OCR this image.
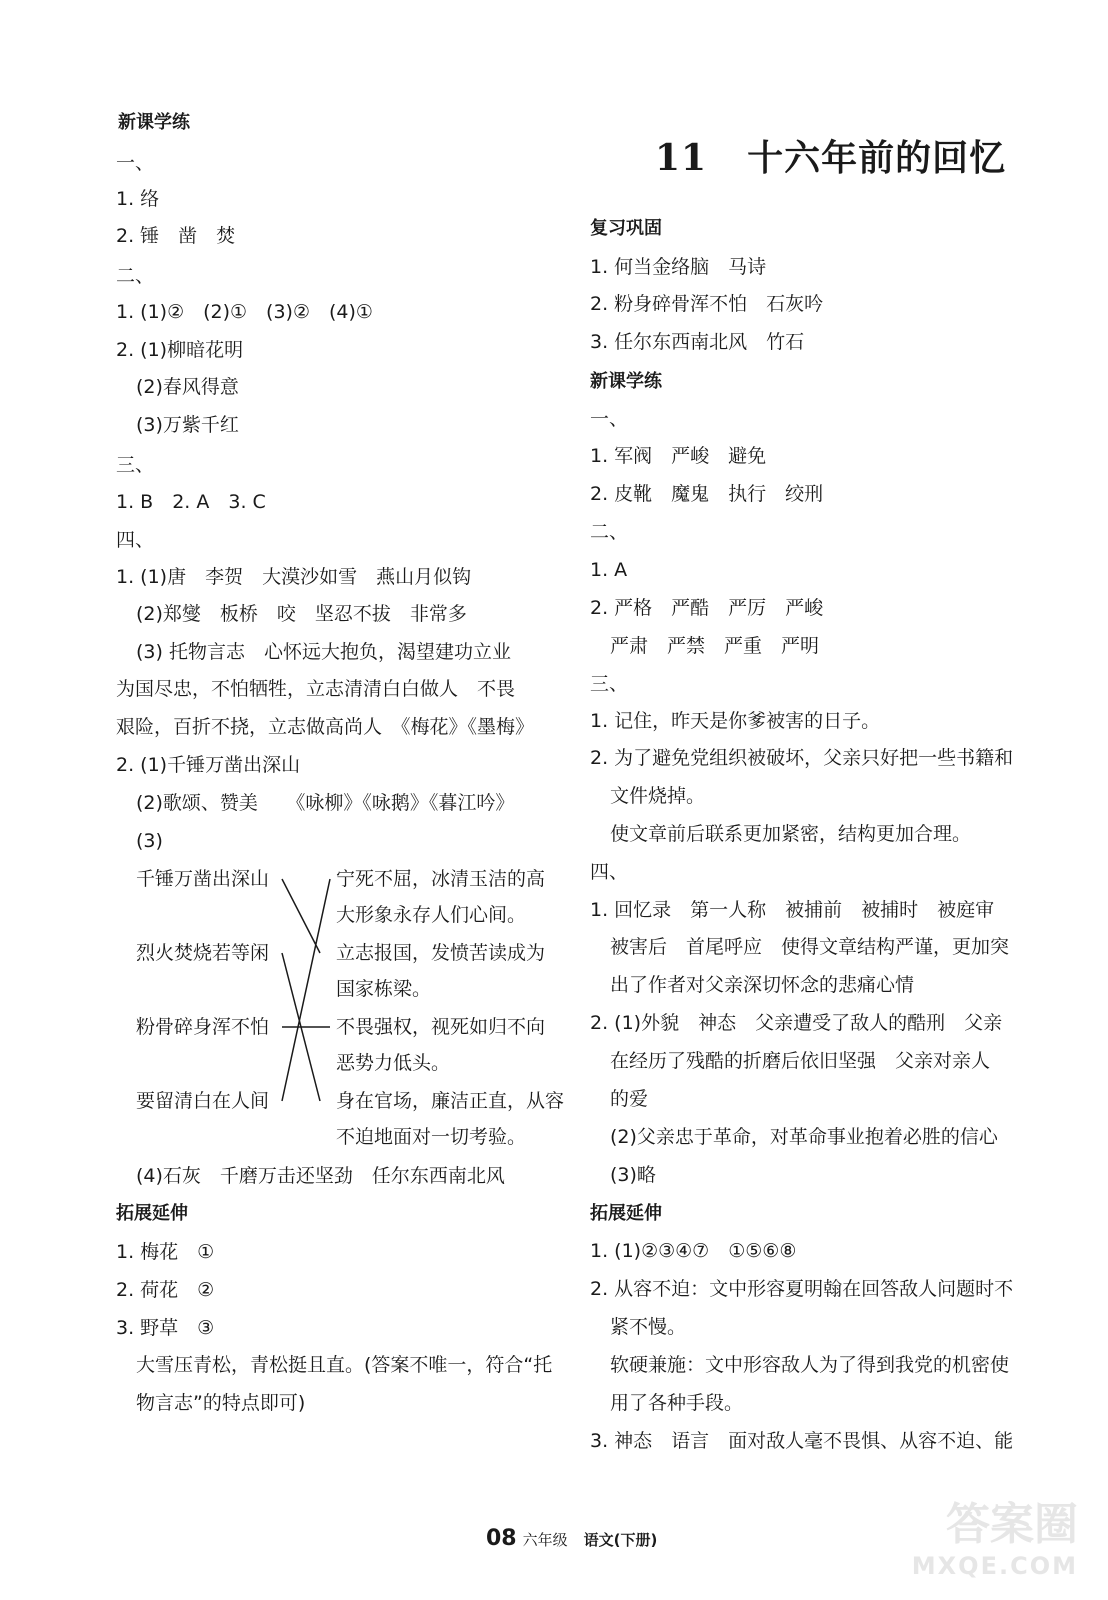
新课学练
一、
1. 络
2. 锤　凿　焚
二、
1. (1)②　(2)①　(3)②　(4)①
2. (1)柳暗花明
(2)春风得意
(3)万紫千红
三、
1. B　2. A　3. C
四、
1. (1)唐　李贺　大漠沙如雪　燕山月似钩
(2)郑燮　板桥　咬　坚忍不拔　非常多
(3) 托物言志　心怀远大抱负，渴望建功立业
为国尽忠，不怕牺牲，立志清清白白做人　不畏
艰险，百折不挠，立志做高尚人　《梅花》《墨梅》
2. (1)千锤万凿出深山
(2)歌颂、赞美　　《咏柳》《咏鹅》《暮江吟》
(3)
千锤万凿出深山
烈火焚烧若等闲
粉骨碎身浑不怕
要留清白在人间
宁死不屈，冰清玉洁的高
大形象永存人们心间。
立志报国，发愤苦读成为
国家栋梁。
不畏强权，视死如归不向
恶势力低头。
身在官场，廉洁正直，从容
不迫地面对一切考验。
(4)石灰　千磨万击还坚劲　任尔东西南北风
拓展延伸
1. 梅花　①
2. 荷花　②
3. 野草　③
大雪压青松，青松挺且直。(答案不唯一，符合“托
物言志”的特点即可)
11 十六年前的回忆
复习巩固
1. 何当金络脑　马诗
2. 粉身碎骨浑不怕　石灰吟
3. 任尔东西南北风　竹石
新课学练
一、
1. 军阀　严峻　避免
2. 皮靴　魔鬼　执行　绞刑
二、
1. A
2. 严格　严酷　严厉　严峻
严肃　严禁　严重　严明
三、
1. 记住，昨天是你爹被害的日子。
2. 为了避免党组织被破坏，父亲只好把一些书籍和
文件烧掉。
使文章前后联系更加紧密，结构更加合理。
四、
1. 回忆录　第一人称　被捕前　被捕时　被庭审
被害后　首尾呼应　使得文章结构严谨，更加突
出了作者对父亲深切怀念的悲痛心情
2. (1)外貌　神态　父亲遭受了敌人的酷刑　父亲
在经历了残酷的折磨后依旧坚强　父亲对亲人
的爱
(2)父亲忠于革命，对革命事业抱着必胜的信心
(3)略
拓展延伸
1. (1)②③④⑦　①⑤⑥⑧
2. 从容不迫：文中形容夏明翰在回答敌人问题时不
紧不慢。
软硬兼施：文中形容敌人为了得到我党的机密使
用了各种手段。
3. 神态　语言　面对敌人毫不畏惧、从容不迫、能
08 六年级 语文(下册)	答案圈
MXQE.COM
